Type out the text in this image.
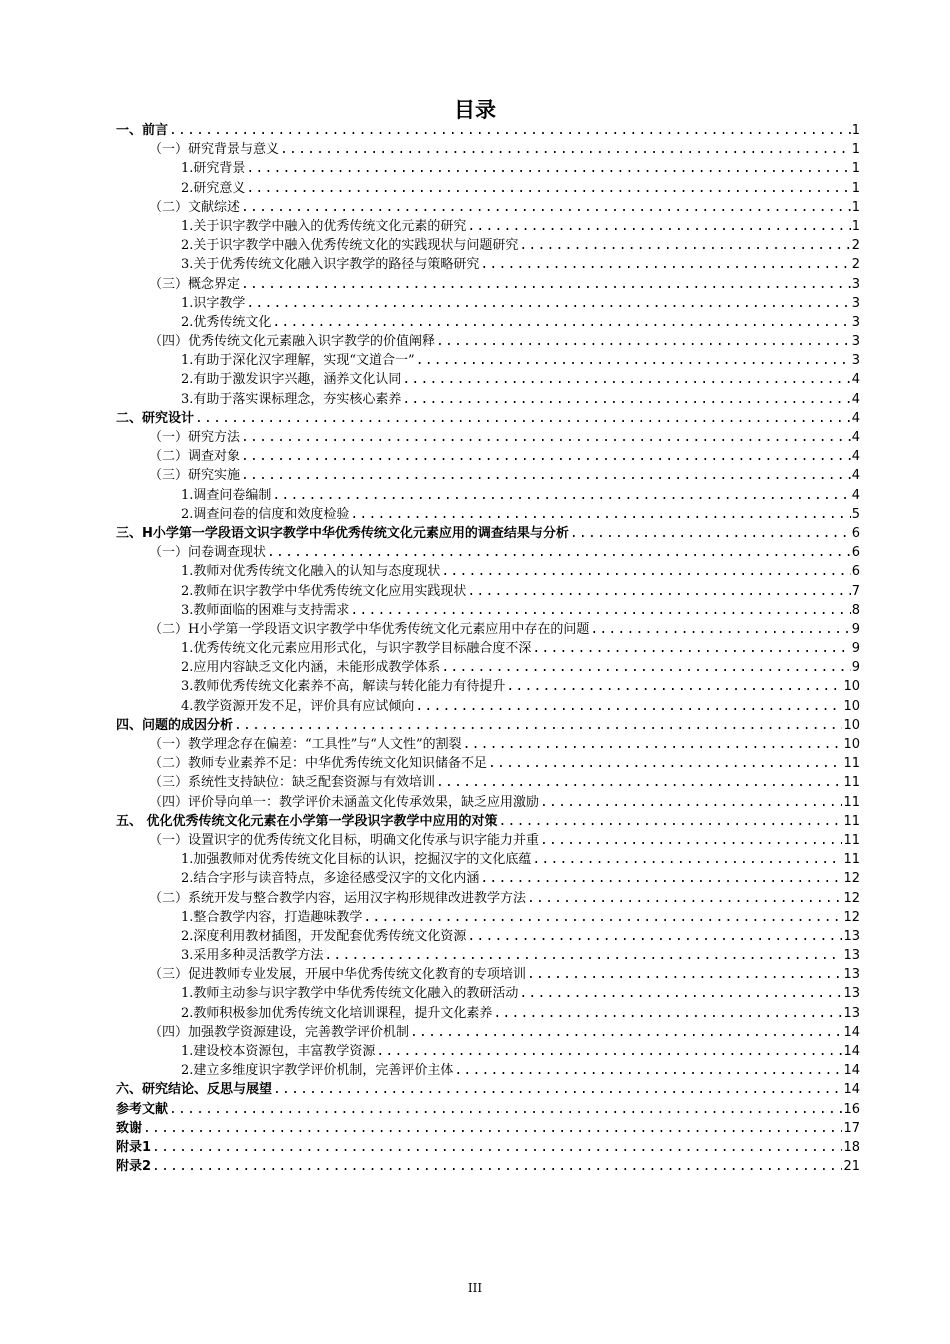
目录
一、前言 .....	1
（一）研究背景与意义 .....	1
1.研究背景 .....	1
2.研究意义 .....	1
（二）文献综述 .....	1
1.关于识字教学中融入的优秀传统文化元素的研究 .....	1
2.关于识字教学中融入优秀传统文化的实践现状与问题研究 .....	2
3.关于优秀传统文化融入识字教学的路径与策略研究 .....	2
（三）概念界定 .....	3
1.识字教学 .....	3
2.优秀传统文化 .....	3
（四）优秀传统文化元素融入识字教学的价值阐释 .....	3
1.有助于深化汉字理解，实现“文道合一” .....	3
2.有助于激发识字兴趣，涵养文化认同 .....	4
3.有助于落实课标理念，夯实核心素养 .....	4
二、研究设计 .....	4
（一）研究方法 .....	4
（二）调查对象 .....	4
（三）研究实施 .....	4
1.调查问卷编制 .....	4
2.调查问卷的信度和效度检验 .....	5
三、H小学第一学段语文识字教学中华优秀传统文化元素应用的调查结果与分析 .....	6
（一）问卷调查现状 .....	6
1.教师对优秀传统文化融入的认知与态度现状 .....	6
2.教师在识字教学中华优秀传统文化应用实践现状 .....	7
3.教师面临的困难与支持需求 .....	8
（二）H小学第一学段语文识字教学中华优秀传统文化元素应用中存在的问题 .....	9
1.优秀传统文化元素应用形式化，与识字教学目标融合度不深 .....	9
2.应用内容缺乏文化内涵，未能形成教学体系 .....	9
3.教师优秀传统文化素养不高，解读与转化能力有待提升 .....	10
4.教学资源开发不足，评价具有应试倾向 .....	10
四、问题的成因分析 .....	10
（一）教学理念存在偏差：“工具性”与“人文性”的割裂 .....	10
（二）教师专业素养不足：中华优秀传统文化知识储备不足 .....	11
（三）系统性支持缺位：缺乏配套资源与有效培训 .....	11
（四）评价导向单一：教学评价未涵盖文化传承效果，缺乏应用激励 .....	11
五、 优化优秀传统文化元素在小学第一学段识字教学中应用的对策 .....	11
（一）设置识字的优秀传统文化目标，明确文化传承与识字能力并重 .....	11
1.加强教师对优秀传统文化目标的认识，挖掘汉字的文化底蕴 .....	11
2.结合字形与读音特点，多途径感受汉字的文化内涵 .....	12
（二）系统开发与整合教学内容，运用汉字构形规律改进教学方法 .....	12
1.整合教学内容，打造趣味教学 .....	12
2.深度利用教材插图，开发配套优秀传统文化资源 .....	13
3.采用多种灵活教学方法 .....	13
（三）促进教师专业发展，开展中华优秀传统文化教育的专项培训 .....	13
1.教师主动参与识字教学中华优秀传统文化融入的教研活动 .....	13
2.教师积极参加优秀传统文化培训课程，提升文化素养 .....	13
（四）加强教学资源建设，完善教学评价机制 .....	14
1.建设校本资源包，丰富教学资源 .....	14
2.建立多维度识字教学评价机制，完善评价主体 .....	14
六、研究结论、反思与展望 .....	14
参考文献 .....	16
致谢 .....	17
附录1 .....	18
附录2 .....	21
III
